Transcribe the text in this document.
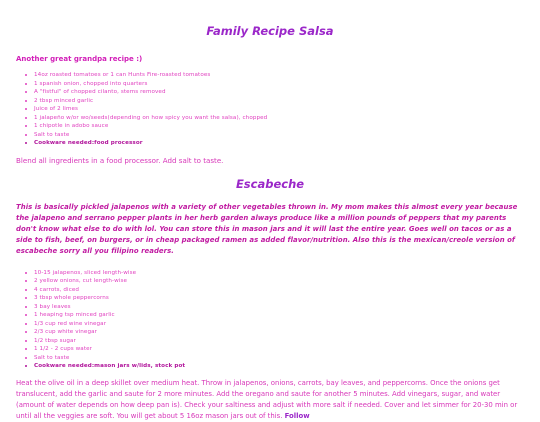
Family Recipe Salsa
Another great grandpa recipe :)
14oz roasted tomatoes or 1 can Hunts Fire-roasted tomatoes
1 spanish onion, chopped into quarters
A "fistful" of chopped cilanto, stems removed
2 tbsp minced garlic
Juice of 2 limes
1 jalapeño w/or wo/seeds(depending on how spicy you want the salsa), chopped
1 chipotle in adobo sauce
Salt to taste
Cookware needed:food processor

Blend all ingredients in a food processor. Add salt to taste.

Escabeche

This is basically pickled jalapenos with a variety of other vegetables thrown in. My mom makes this almost every year because the jalapeno and serrano pepper plants in her herb garden always produce like a million pounds of peppers that my parents don't know what else to do with lol. You can store this in mason jars and it will last the entire year. Goes well on tacos or as a side to fish, beef, on burgers, or in cheap packaged ramen as added flavor/nutrition. Also this is the mexican/creole version of escabeche sorry all you filipino readers.

10-15 jalapenos, sliced length-wise
2 yellow onions, cut length-wise
4 carrots, diced
3 tbsp whole peppercorns
3 bay leaves
1 heaping tsp minced garlic
1/3 cup red wine vinegar
2/3 cup white vinegar
1/2 tbsp sugar
1 1/2 - 2 cups water
Salt to taste
Cookware needed:mason jars w/lids, stock pot

Heat the olive oil in a deep skillet over medium heat. Throw in jalapenos, onions, carrots, bay leaves, and peppercorns. Once the onions get translucent, add the garlic and saute for 2 more minutes. Add the oregano and saute for another 5 minutes. Add vinegars, sugar, and water (amount of water depends on how deep pan is). Check your saltiness and adjust with more salt if needed. Cover and let simmer for 20-30 min or until all the veggies are soft. You will get about 5 16oz mason jars out of this. Follow
